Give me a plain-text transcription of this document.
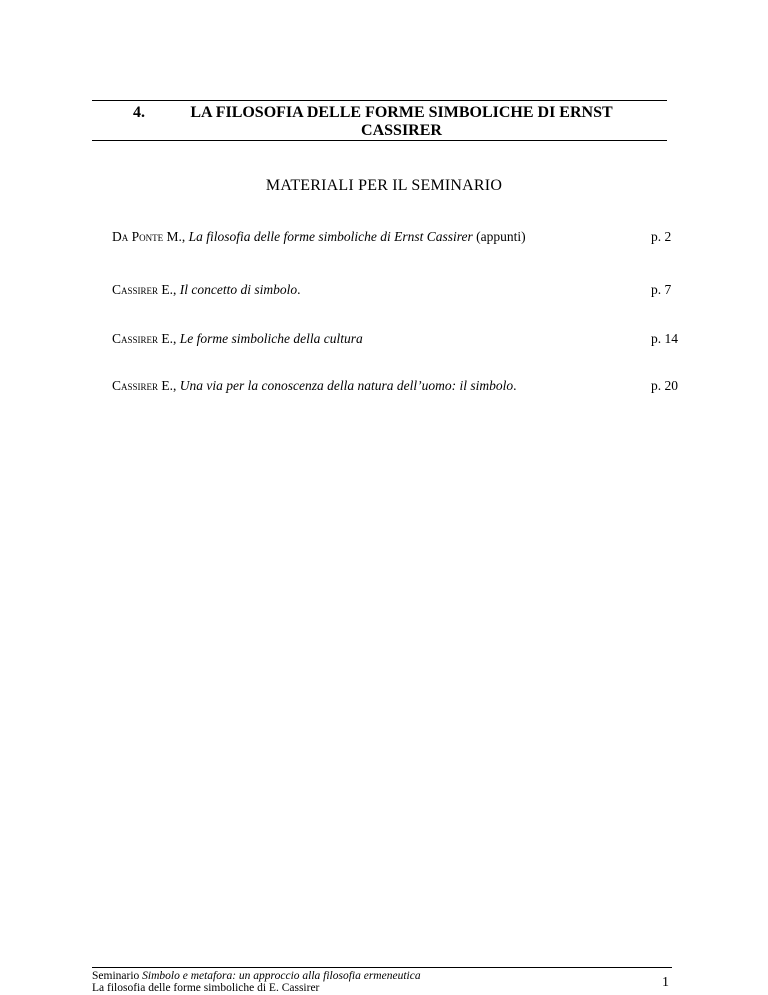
4.	LA FILOSOFIA DELLE FORME SIMBOLICHE DI ERNST CASSIRER
MATERIALI PER IL SEMINARIO
Da Ponte M., La filosofia delle forme simboliche di Ernst Cassirer (appunti)	p. 2
Cassirer E., Il concetto di simbolo.	p. 7
Cassirer E., Le forme simboliche della cultura	p. 14
Cassirer E., Una via per la conoscenza della natura dell’uomo: il simbolo.	p. 20
Seminario Simbolo e metafora: un approccio alla filosofia ermeneutica
La filosofia delle forme simboliche di E. Cassirer	1
